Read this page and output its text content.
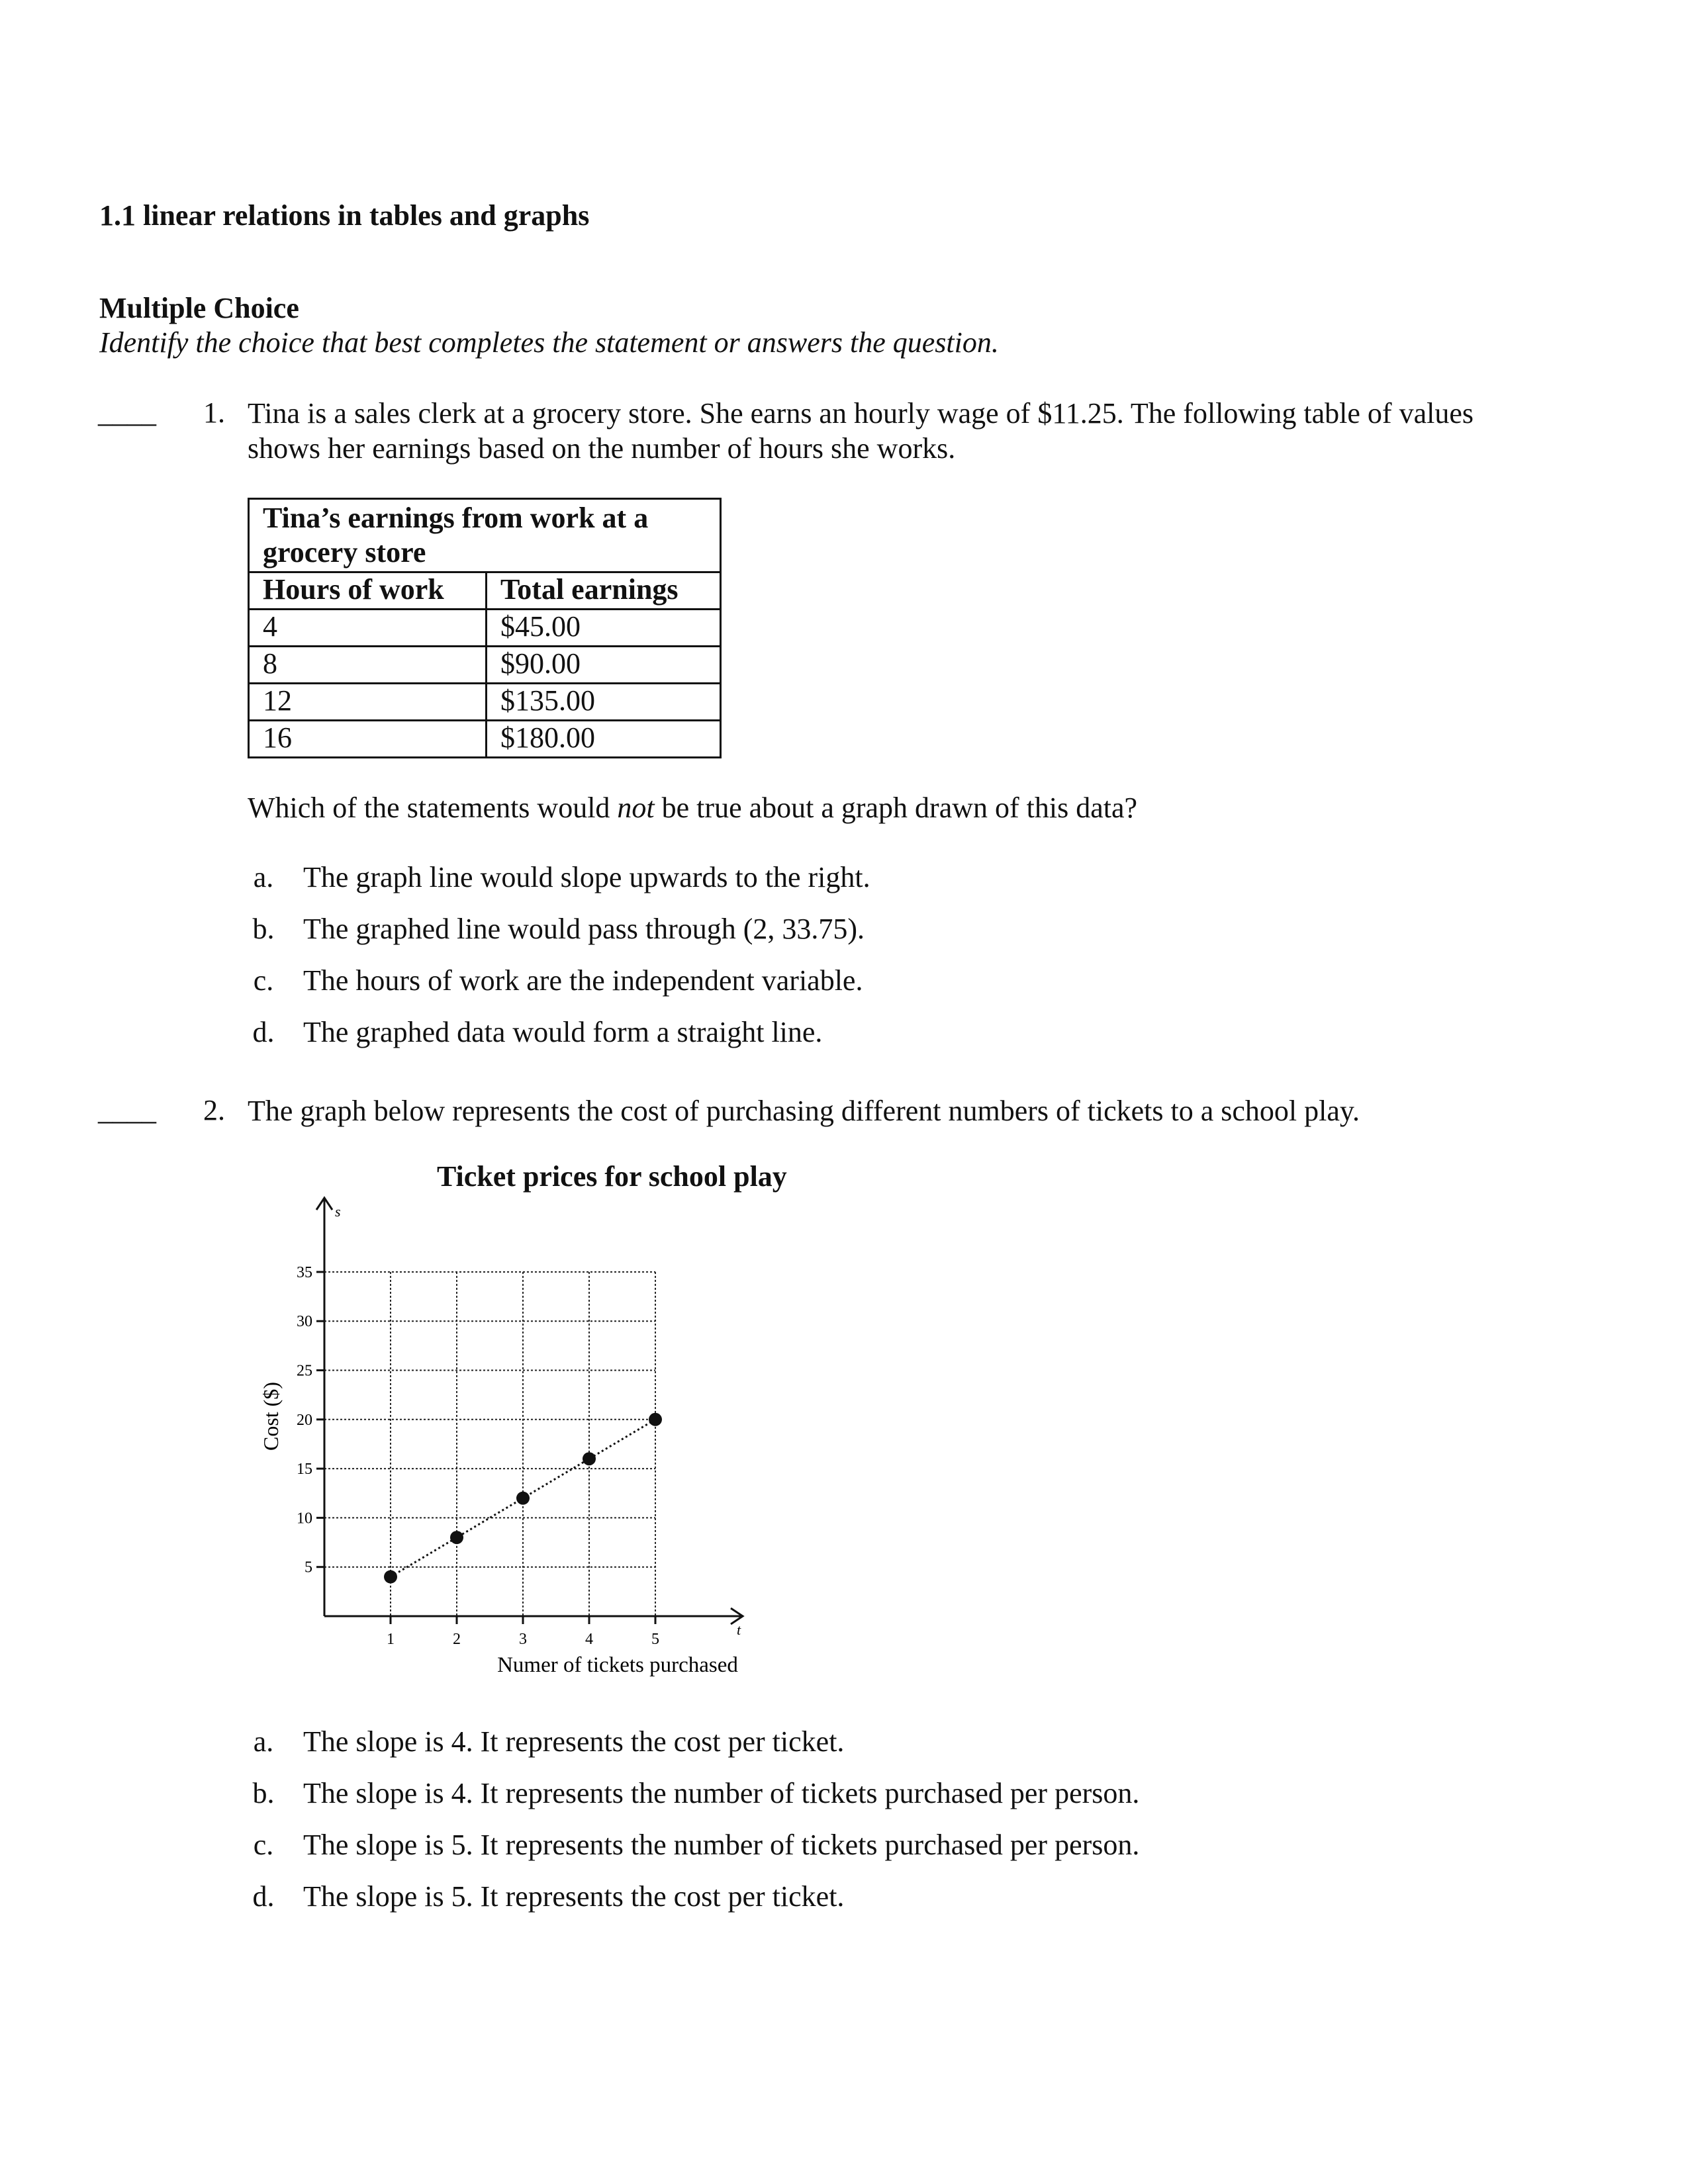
1.1 linear relations in tables and graphs
Multiple Choice
Identify the choice that best completes the statement or answers the question.
____	1. Tina is a sales clerk at a grocery store. She earns an hourly wage of $11.25. The following table of values
shows her earnings based on the number of hours she works.
Tina’s earnings from work at a
grocery store	

Hours of work	Total earnings
4	$45.00
8	$90.00
12	$135.00
16	$180.00
Which of the statements would not be true about a graph drawn of this data?
a. The graph line would slope upwards to the right.
b. The graphed line would pass through (2, 33.75).
c. The hours of work are the independent variable.
d. The graphed data would form a straight line.
____	2. The graph below represents the cost of purchasing different numbers of tickets to a school play.
Ticket prices for school play
5
10
15
20
25
30
35
1	2	3	4	5
Cost ($)
Numer of tickets purchased
s
t
a. The slope is 4. It represents the cost per ticket.
b. The slope is 4. It represents the number of tickets purchased per person.
c. The slope is 5. It represents the number of tickets purchased per person.
d. The slope is 5. It represents the cost per ticket.
